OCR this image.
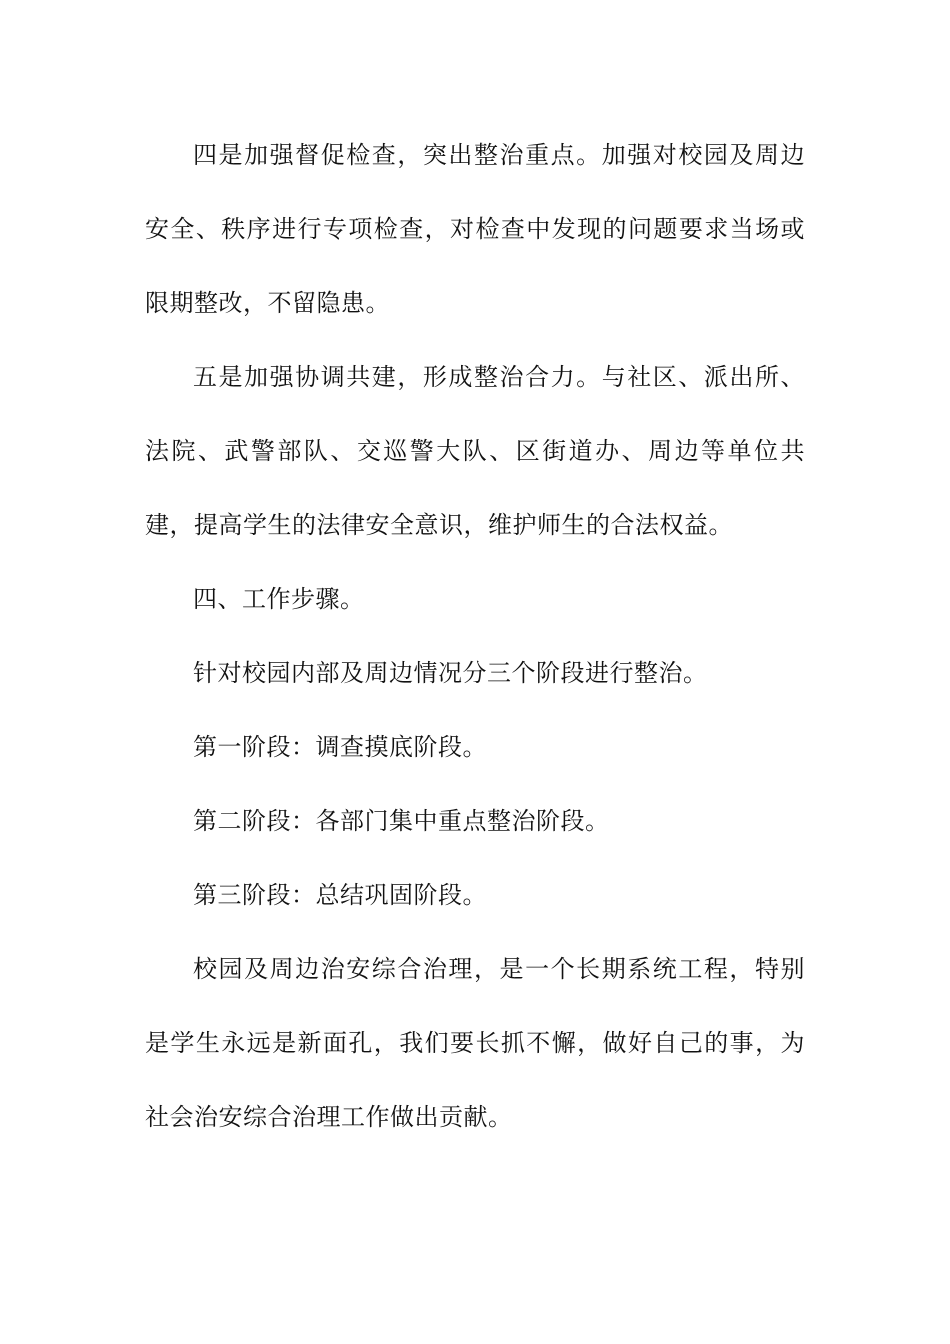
四是加强督促检查，突出整治重点。加强对校园及周边安全、秩序进行专项检查，对检查中发现的问题要求当场或限期整改，不留隐患。

五是加强协调共建，形成整治合力。与社区、派出所、法院、武警部队、交巡警大队、区街道办、周边等单位共建，提高学生的法律安全意识，维护师生的合法权益。

四、工作步骤。

针对校园内部及周边情况分三个阶段进行整治。

第一阶段：调查摸底阶段。

第二阶段：各部门集中重点整治阶段。

第三阶段：总结巩固阶段。

校园及周边治安综合治理，是一个长期系统工程，特别是学生永远是新面孔，我们要长抓不懈，做好自己的事，为社会治安综合治理工作做出贡献。
